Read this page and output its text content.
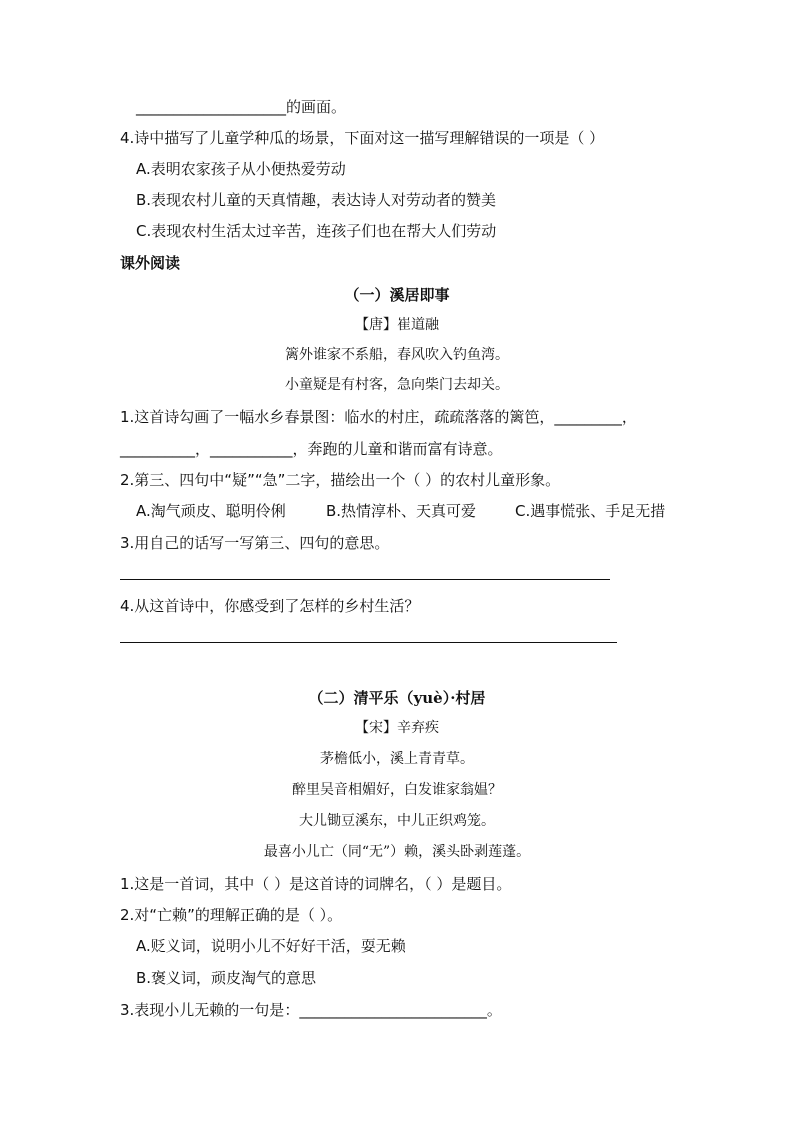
____________________的画面。
4.诗中描写了儿童学种瓜的场景，下面对这一描写理解错误的一项是（ ）
A.表明农家孩子从小便热爱劳动
B.表现农村儿童的天真情趣，表达诗人对劳动者的赞美
C.表现农村生活太过辛苦，连孩子们也在帮大人们劳动
课外阅读
（一）溪居即事
【唐】崔道融
篱外谁家不系船，春风吹入钓鱼湾。
小童疑是有村客，急向柴门去却关。
1.这首诗勾画了一幅水乡春景图：临水的村庄，疏疏落落的篱笆，_________，
__________，___________，奔跑的儿童和谐而富有诗意。
2.第三、四句中“疑”“急”二字，描绘出一个（ ）的农村儿童形象。
A.淘气顽皮、聪明伶俐	B.热情淳朴、天真可爱	C.遇事慌张、手足无措
3.用自己的话写一写第三、四句的意思。
4.从这首诗中，你感受到了怎样的乡村生活？
（二）清平乐（yuè）·村居
【宋】辛弃疾
茅檐低小，溪上青青草。
醉里吴音相媚好，白发谁家翁媪？
大儿锄豆溪东，中儿正织鸡笼。
最喜小儿亡（同“无”）赖，溪头卧剥莲蓬。
1.这是一首词，其中（ ）是这首诗的词牌名，（ ）是题目。
2.对“亡赖”的理解正确的是（ ）。
A.贬义词，说明小儿不好好干活，耍无赖
B.褒义词，顽皮淘气的意思
3.表现小儿无赖的一句是：_________________________。
